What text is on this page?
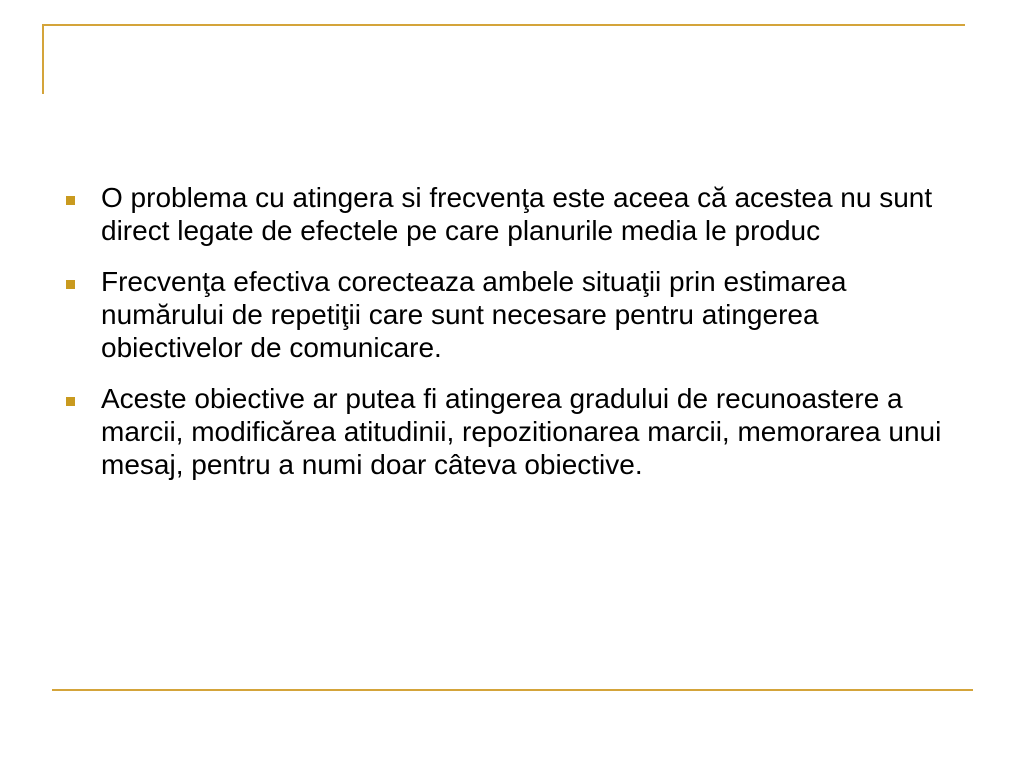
O problema cu atingera si frecvenţa este aceea că acestea nu sunt direct legate de efectele pe care planurile media le produc
Frecvenţa efectiva corecteaza ambele situaţii prin estimarea numărului de repetiţii care sunt necesare pentru atingerea obiectivelor de comunicare.
Aceste obiective ar putea fi atingerea gradului de recunoastere a marcii, modificărea atitudinii, repozitionarea marcii, memorarea unui mesaj, pentru a numi doar câteva obiective.
